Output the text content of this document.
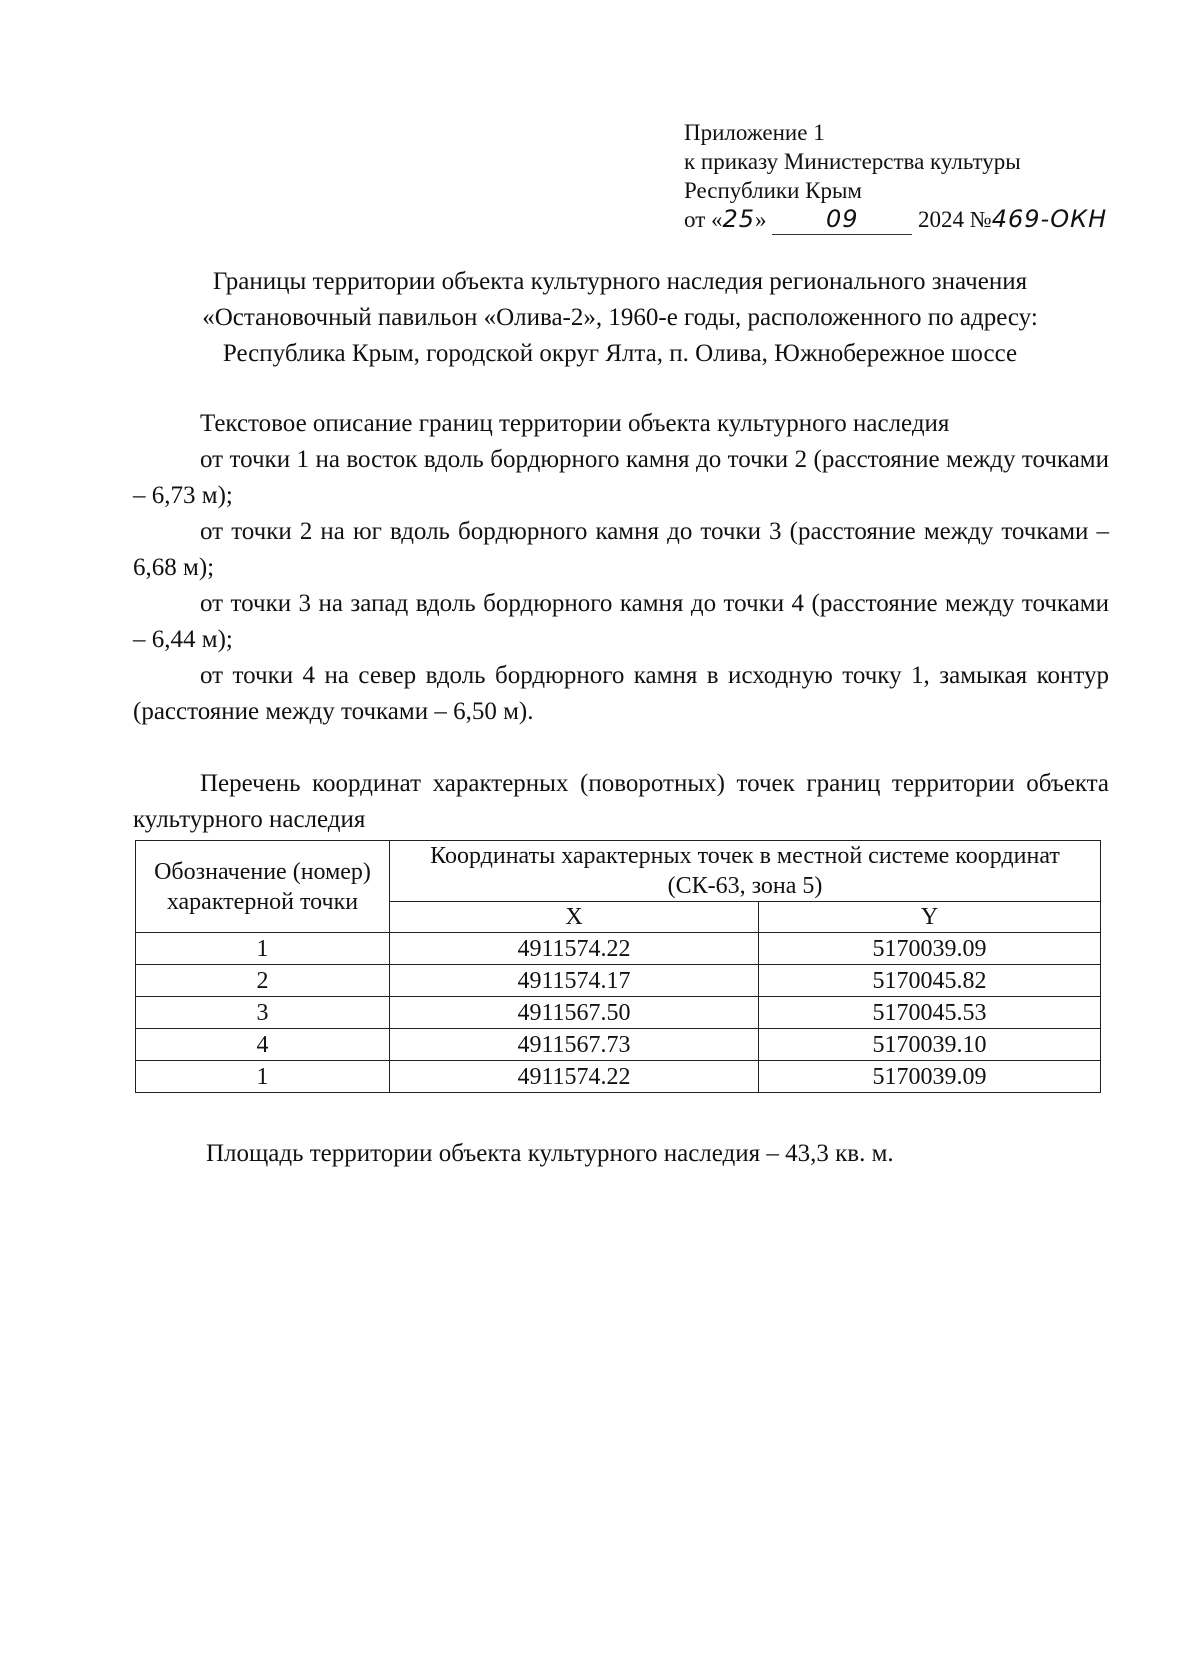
Приложение 1
к приказу Министерства культуры
Республики Крым
от «25» 09	2024 №469-ОКН
Границы территории объекта культурного наследия регионального значения
«Остановочный павильон «Олива-2», 1960-е годы, расположенного по адресу:
Республика Крым, городской округ Ялта, п. Олива, Южнобережное шоссе

Текстовое описание границ территории объекта культурного наследия

от точки 1 на восток вдоль бордюрного камня до точки 2 (расстояние между точками – 6,73 м);

от точки 2 на юг вдоль бордюрного камня до точки 3 (расстояние между точками – 6,68 м);

от точки 3 на запад вдоль бордюрного камня до точки 4 (расстояние между точками – 6,44 м);

от точки 4 на север вдоль бордюрного камня в исходную точку 1, замыкая контур (расстояние между точками – 6,50 м).

Перечень координат характерных (поворотных) точек границ территории объекта культурного наследия
Обозначение (номер) характерной точки	Координаты характерных точек в местной системе координат (СК-63, зона 5)	
	X	Y
1	4911574.22	5170039.09
2	4911574.17	5170045.82
3	4911567.50	5170045.53
4	4911567.73	5170039.10
1	4911574.22	5170039.09
Площадь территории объекта культурного наследия – 43,3 кв. м.
